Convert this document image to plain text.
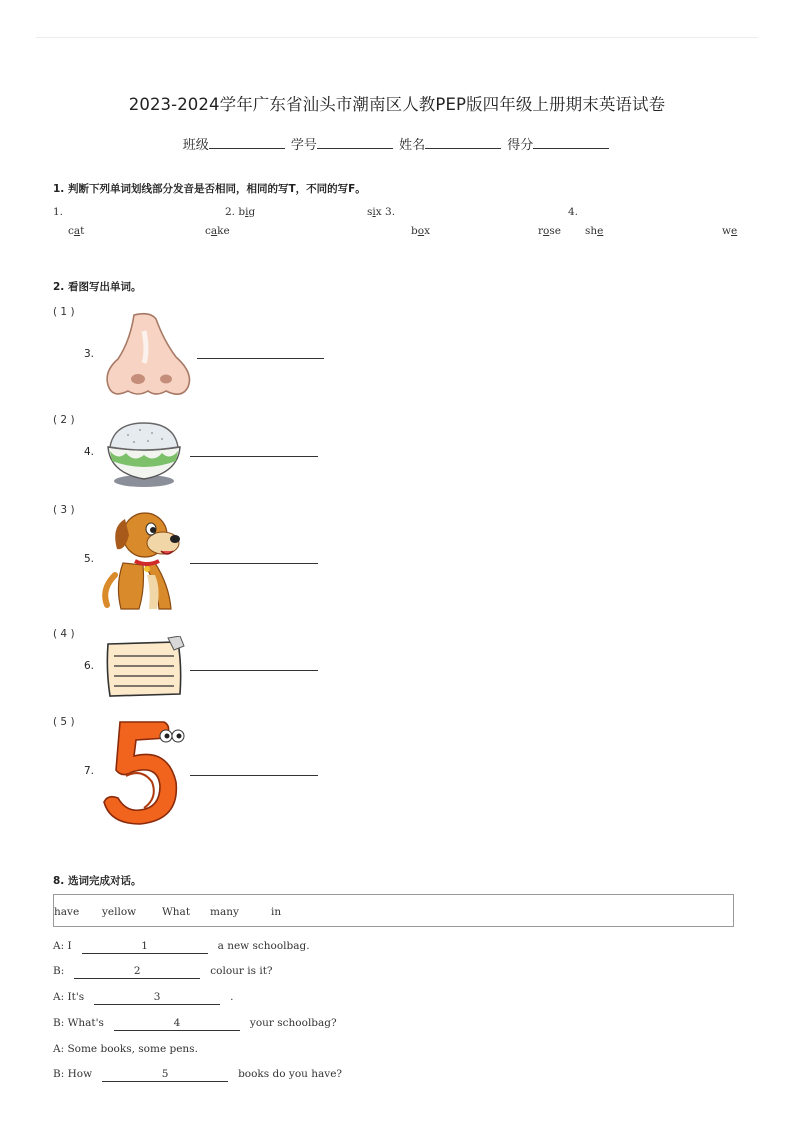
2023-2024学年广东省汕头市潮南区人教PEP版四年级上册期末英语试卷
班级	学号	姓名	得分
1. 判断下列单词划线部分发音是否相同，相同的写T，不同的写F。
1.	2. big	six 3.	4.
cat	cake	box	rose she	we
2. 看图写出单词。
( 1 )
3.
( 2 )
4.
( 3 )
5.
( 4 )
6.
( 5 )
7.
8. 选词完成对话。
have yellow What many	in
A: I	1	a new schoolbag.
B:	2	colour is it?
A: It's	3	.
B: What's	4	your schoolbag?
A: Some books, some pens.
B: How	5	books do you have?
